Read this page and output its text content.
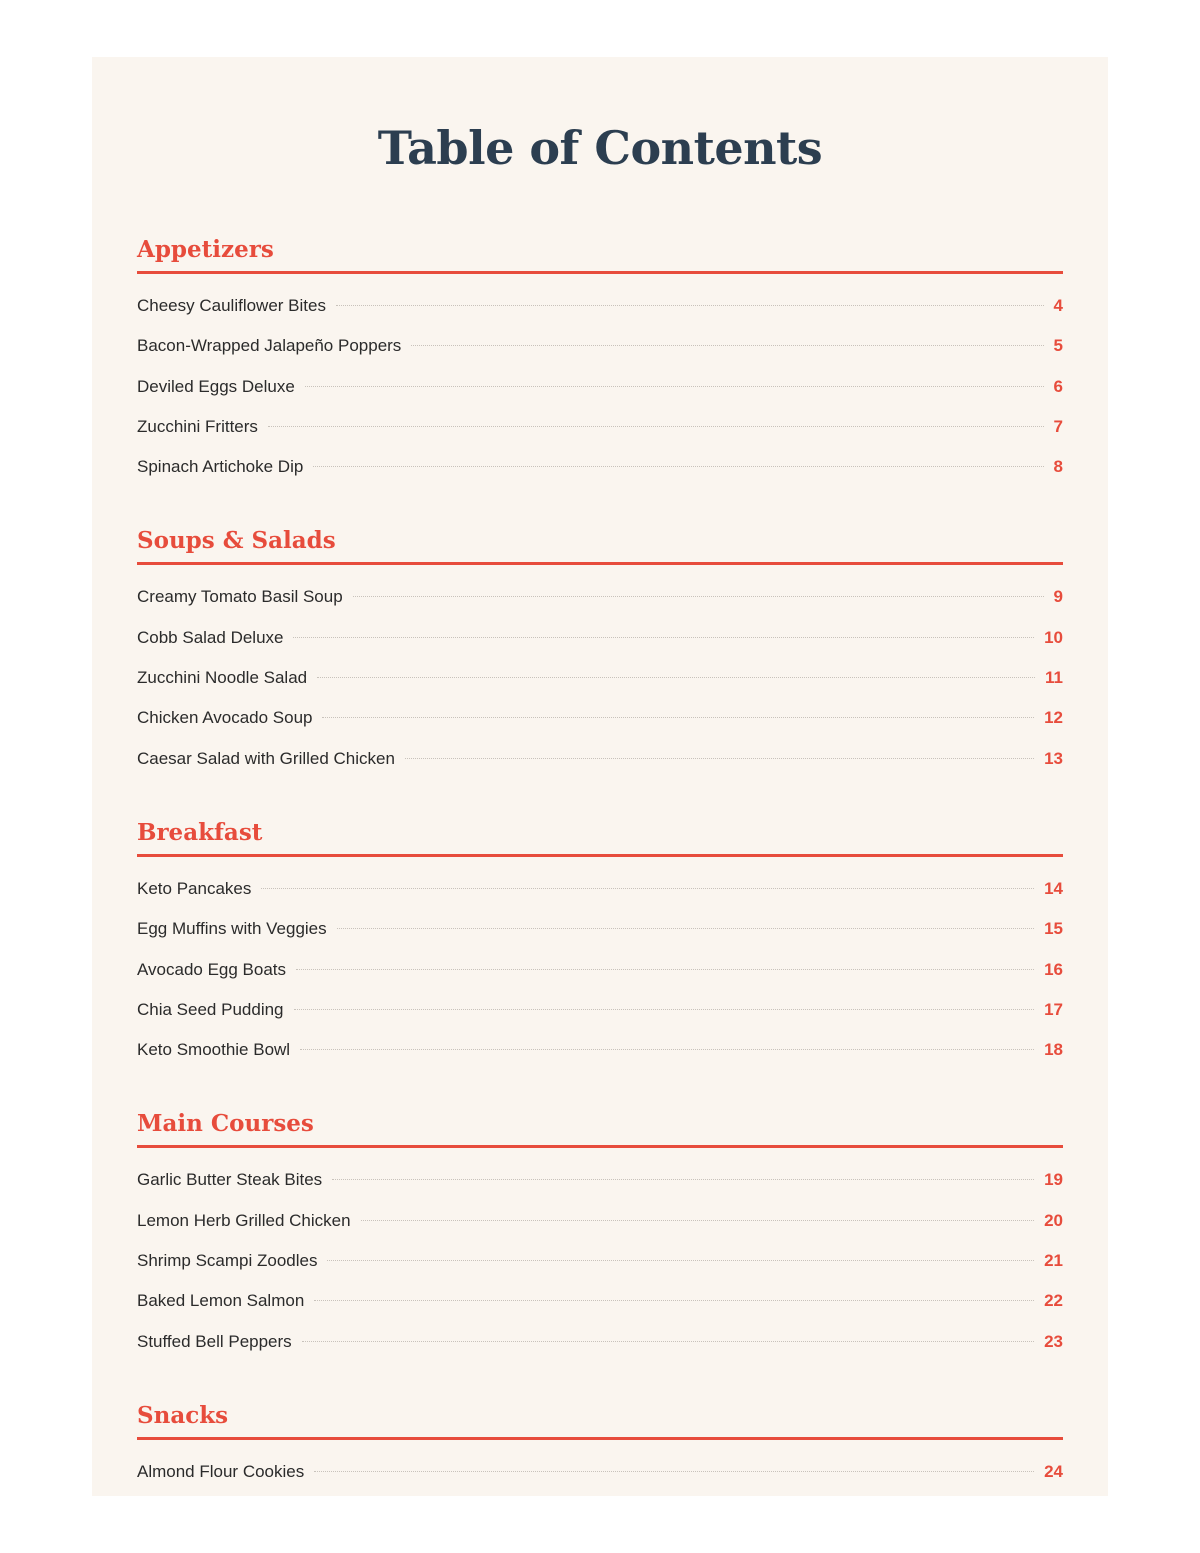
Table of Contents
Appetizers
Cheesy Cauliflower Bites	4
Bacon-Wrapped Jalapeño Poppers	5
Deviled Eggs Deluxe	6
Zucchini Fritters	7
Spinach Artichoke Dip	8
Soups & Salads
Creamy Tomato Basil Soup	9
Cobb Salad Deluxe	10
Zucchini Noodle Salad	11
Chicken Avocado Soup	12
Caesar Salad with Grilled Chicken	13
Breakfast
Keto Pancakes	14
Egg Muffins with Veggies	15
Avocado Egg Boats	16
Chia Seed Pudding	17
Keto Smoothie Bowl	18
Main Courses
Garlic Butter Steak Bites	19
Lemon Herb Grilled Chicken	20
Shrimp Scampi Zoodles	21
Baked Lemon Salmon	22
Stuffed Bell Peppers	23
Snacks
Almond Flour Cookies	24
